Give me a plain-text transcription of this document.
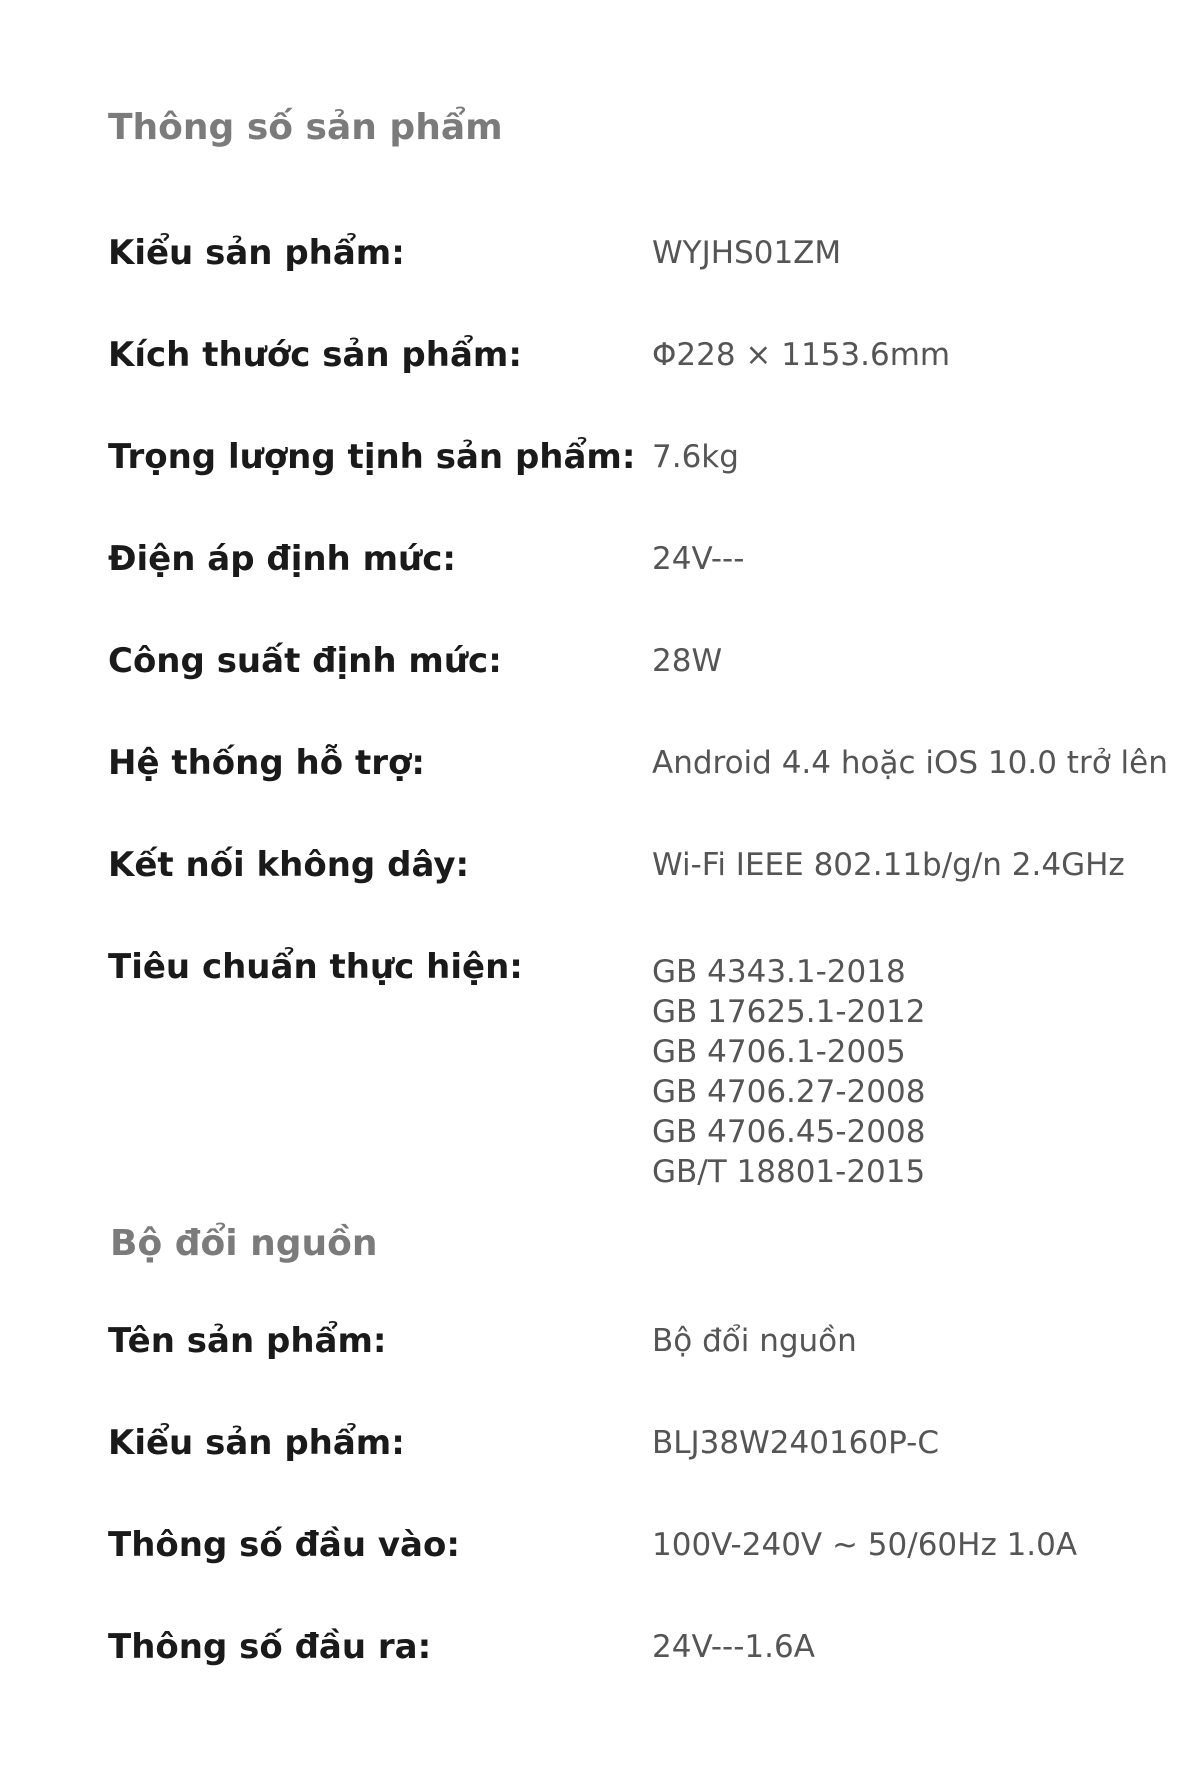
Thông số sản phẩm
Kiểu sản phẩm:	WYJHS01ZM
Kích thước sản phẩm:	Φ228 × 1153.6mm
Trọng lượng tịnh sản phẩm: 7.6kg
Điện áp định mức:	24V---
Công suất định mức:	28W
Hệ thống hỗ trợ:	Android 4.4 hoặc iOS 10.0 trở lên
Kết nối không dây:	Wi-Fi IEEE 802.11b/g/n 2.4GHz
Tiêu chuẩn thực hiện:	GB 4343.1-2018
GB 17625.1-2012
GB 4706.1-2005
GB 4706.27-2008
GB 4706.45-2008
GB/T 18801-2015
Bộ đổi nguồn
Tên sản phẩm:	Bộ đổi nguồn
Kiểu sản phẩm:	BLJ38W240160P-C
Thông số đầu vào:	100V-240V ~ 50/60Hz 1.0A
Thông số đầu ra:	24V---1.6A
